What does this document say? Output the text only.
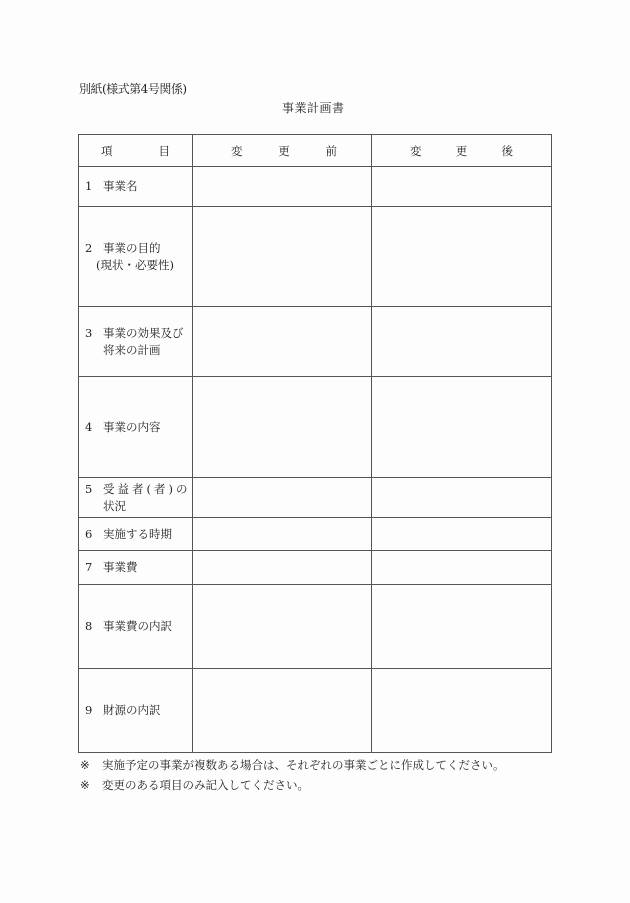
別紙(様式第4号関係)
事業計画書
項 目	変 更 前	変 更 後

1 事業名		

2 事業の目的
(現状・必要性)		

3 事業の効果及び
将来の計画		

4 事業の内容		

5 受益者(者)の
状況		

6 実施する時期		

7 事業費		

8 事業費の内訳		

9 財源の内訳		

※	実施予定の事業が複数ある場合は、それぞれの事業ごとに作成してください。
※	変更のある項目のみ記入してください。
